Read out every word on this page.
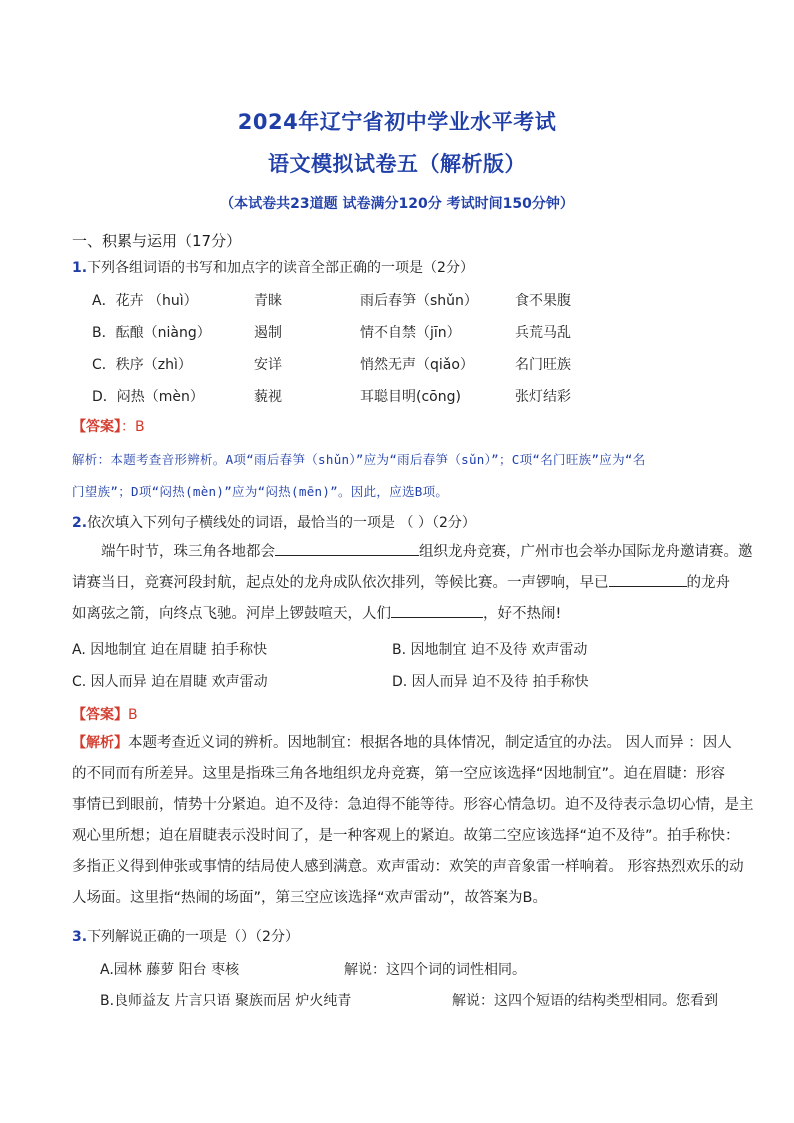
2024年辽宁省初中学业水平考试
语文模拟试卷五（解析版）
（本试卷共23道题 试卷满分120分 考试时间150分钟）
一、积累与运用（17分）
1.下列各组词语的书写和加点字的读音全部正确的一项是（2分）
A．花卉 （huì）	青睐	雨后春笋（shǔn）	食不果腹
B．酝酿（niàng）	遏制	情不自禁（jīn）	兵荒马乱
C．秩序（zhì）	安详	悄然无声（qiǎo）	名门旺族
D．闷热（mèn）	藐视	耳聪目明(cōng)	张灯结彩
【答案】：B
解析：本题考查音形辨析。A项“雨后春笋（shǔn）”应为“雨后春笋（sǔn）”；C项“名门旺族”应为“名
门望族”；D项“闷热(mèn)”应为“闷热(mēn)”。因此，应选B项。
2.依次填入下列句子横线处的词语，最恰当的一项是 （ ）（2分）
端午时节，珠三角各地都会	组织龙舟竞赛，广州市也会举办国际龙舟邀请赛。邀
请赛当日，竞赛河段封航，起点处的龙舟成队依次排列，等候比赛。一声锣响，早已	的龙舟
如离弦之箭，向终点飞驰。河岸上锣鼓喧天，人们	，好不热闹!
A. 因地制宜 迫在眉睫 拍手称快	B. 因地制宜 迫不及待 欢声雷动
C. 因人而异 迫在眉睫 欢声雷动	D. 因人而异 迫不及待 拍手称快
【答案】B
【解析】本题考查近义词的辨析。因地制宜：根据各地的具体情况，制定适宜的办法。 因人而异 ：因人
的不同而有所差异。这里是指珠三角各地组织龙舟竞赛，第一空应该选择“因地制宜”。迫在眉睫：形容
事情已到眼前，情势十分紧迫。迫不及待：急迫得不能等待。形容心情急切。迫不及待表示急切心情，是主
观心里所想；迫在眉睫表示没时间了，是一种客观上的紧迫。故第二空应该选择“迫不及待”。拍手称快：
多指正义得到伸张或事情的结局使人感到满意。欢声雷动：欢笑的声音象雷一样响着。 形容热烈欢乐的动
人场面。这里指“热闹的场面”，第三空应该选择“欢声雷动”，故答案为B。
3.下列解说正确的一项是（）（2分）
A.园林 藤萝 阳台 枣核	解说：这四个词的词性相同。
B.良师益友 片言只语 聚族而居 炉火纯青	解说：这四个短语的结构类型相同。您看到
